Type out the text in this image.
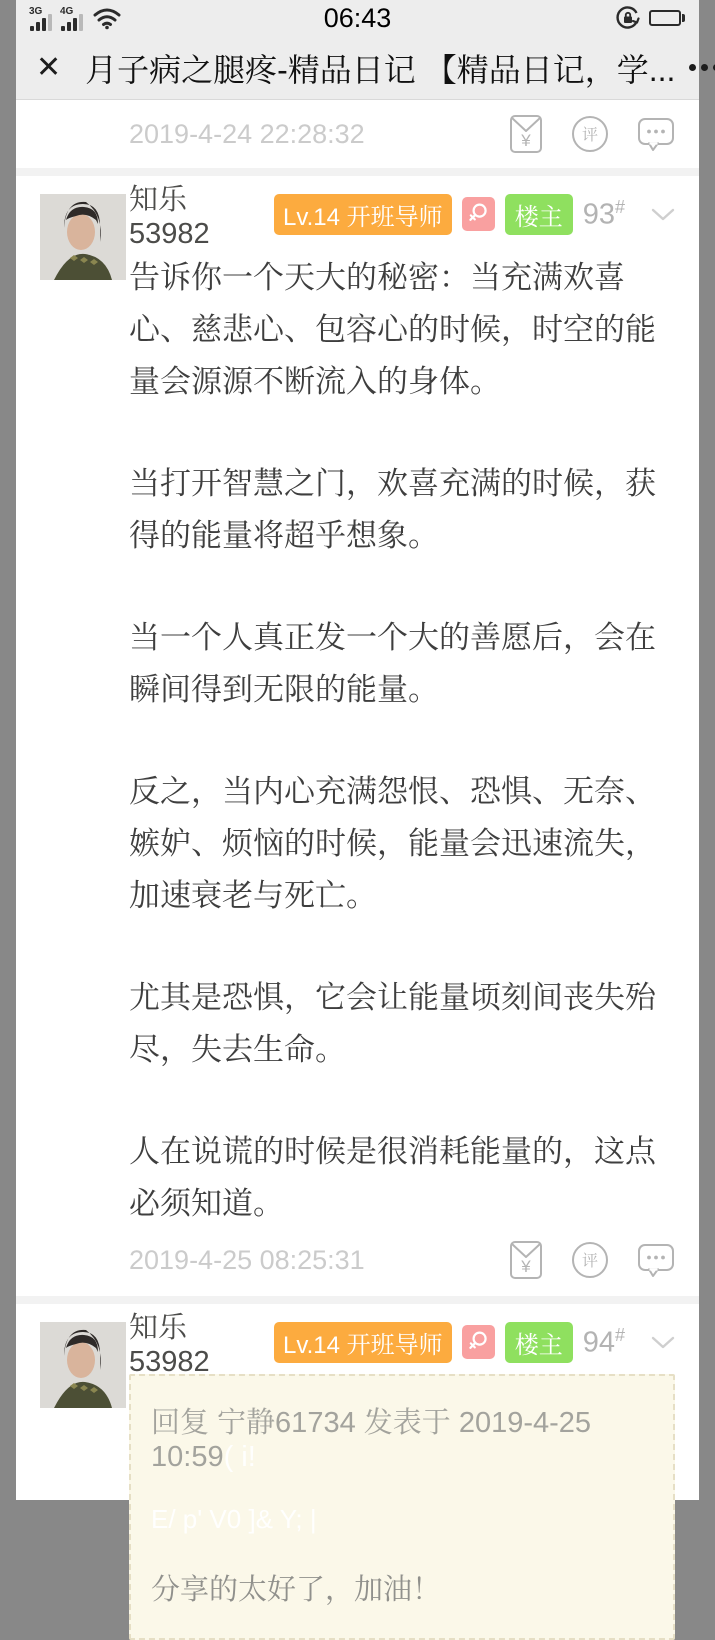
3G 4G	06:43
✕ 月子病之腿疼-精品日记 【精品日记，学...
2019-4-24 22:28:32	¥	评
知乐53982
Lv.14 开班导师	楼主 93#

告诉你一个天大的秘密：当充满欢喜心、慈悲心、包容心的时候，时空的能量会源源不断流入的身体。

当打开智慧之门，欢喜充满的时候，获得的能量将超乎想象。

当一个人真正发一个大的善愿后，会在瞬间得到无限的能量。

反之，当内心充满怨恨、恐惧、无奈、嫉妒、烦恼的时候，能量会迅速流失，加速衰老与死亡。

尤其是恐惧，它会让能量顷刻间丧失殆尽，失去生命。

人在说谎的时候是很消耗能量的，这点必须知道。

2019-4-25 08:25:31	¥	评
知乐53982
Lv.14 开班导师	楼主 94#
回复 宁静61734 发表于 2019-4-25 10:59( i!
E/ p' V0 ]& Y; |
分享的太好了，加油！
